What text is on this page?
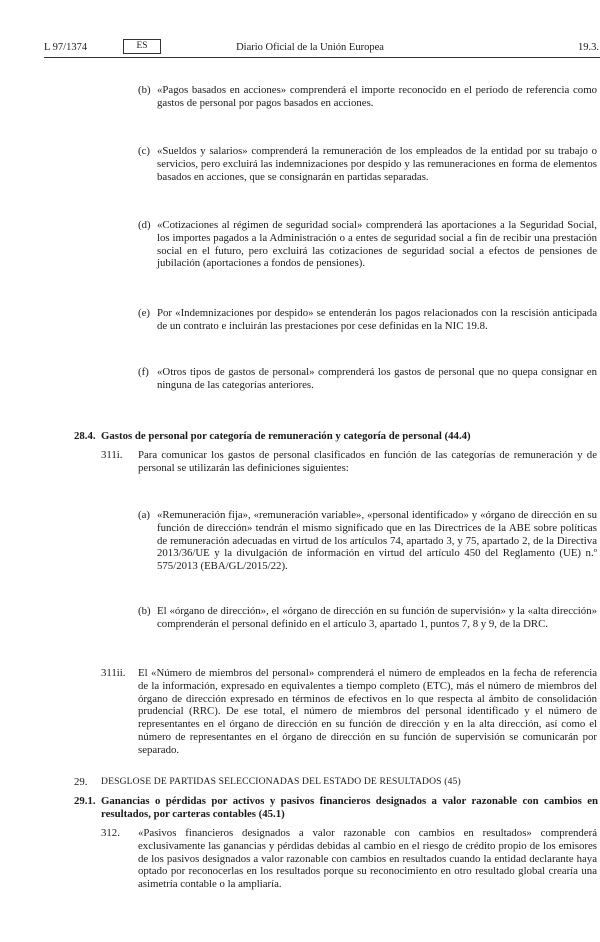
L 97/1374	ES	Diario Oficial de la Unión Europea	19.3.
(b) «Pagos basados en acciones» comprenderá el importe reconocido en el período de referencia como gastos de personal por pagos basados en acciones.
(c) «Sueldos y salarios» comprenderá la remuneración de los empleados de la entidad por su trabajo o servicios, pero excluirá las indemnizaciones por despido y las remuneraciones en forma de elementos basados en acciones, que se consignarán en partidas separadas.
(d) «Cotizaciones al régimen de seguridad social» comprenderá las aportaciones a la Seguridad Social, los importes pagados a la Administración o a entes de seguridad social a fin de recibir una prestación social en el futuro, pero excluirá las cotizaciones de seguridad social a efectos de pensiones de jubilación (aportaciones a fondos de pensiones).
(e) Por «Indemnizaciones por despido» se entenderán los pagos relacionados con la rescisión anticipada de un contrato e incluirán las prestaciones por cese definidas en la NIC 19.8.
(f) «Otros tipos de gastos de personal» comprenderá los gastos de personal que no quepa consignar en ninguna de las categorías anteriores.
28.4. Gastos de personal por categoría de remuneración y categoría de personal (44.4)
311i. Para comunicar los gastos de personal clasificados en función de las categorías de remuneración y de personal se utilizarán las definiciones siguientes:
(a) «Remuneración fija», «remuneración variable», «personal identificado» y «órgano de dirección en su función de dirección» tendrán el mismo significado que en las Directrices de la ABE sobre políticas de remuneración adecuadas en virtud de los artículos 74, apartado 3, y 75, apartado 2, de la Directiva 2013/36/UE y la divulgación de información en virtud del artículo 450 del Reglamento (UE) n.º 575/2013 (EBA/GL/2015/22).
(b) El «órgano de dirección», el «órgano de dirección en su función de supervisión» y la «alta dirección» comprenderán el personal definido en el artículo 3, apartado 1, puntos 7, 8 y 9, de la DRC.
311ii. El «Número de miembros del personal» comprenderá el número de empleados en la fecha de referencia de la información, expresado en equivalentes a tiempo completo (ETC), más el número de miembros del órgano de dirección expresado en términos de efectivos en lo que respecta al ámbito de consolidación prudencial (RRC). De ese total, el número de miembros del personal identificado y el número de representantes en el órgano de dirección en su función de dirección y en la alta dirección, así como el número de representantes en el órgano de dirección en su función de supervisión se comunicarán por separado.
29. DESGLOSE DE PARTIDAS SELECCIONADAS DEL ESTADO DE RESULTADOS (45)
29.1. Ganancias o pérdidas por activos y pasivos financieros designados a valor razonable con cambios en resultados, por carteras contables (45.1)
312. «Pasivos financieros designados a valor razonable con cambios en resultados» comprenderá exclusivamente las ganancias y pérdidas debidas al cambio en el riesgo de crédito propio de los emisores de los pasivos designados a valor razonable con cambios en resultados cuando la entidad declarante haya optado por reconocerlas en los resultados porque su reconocimiento en otro resultado global crearía una asimetría contable o la ampliaría.
